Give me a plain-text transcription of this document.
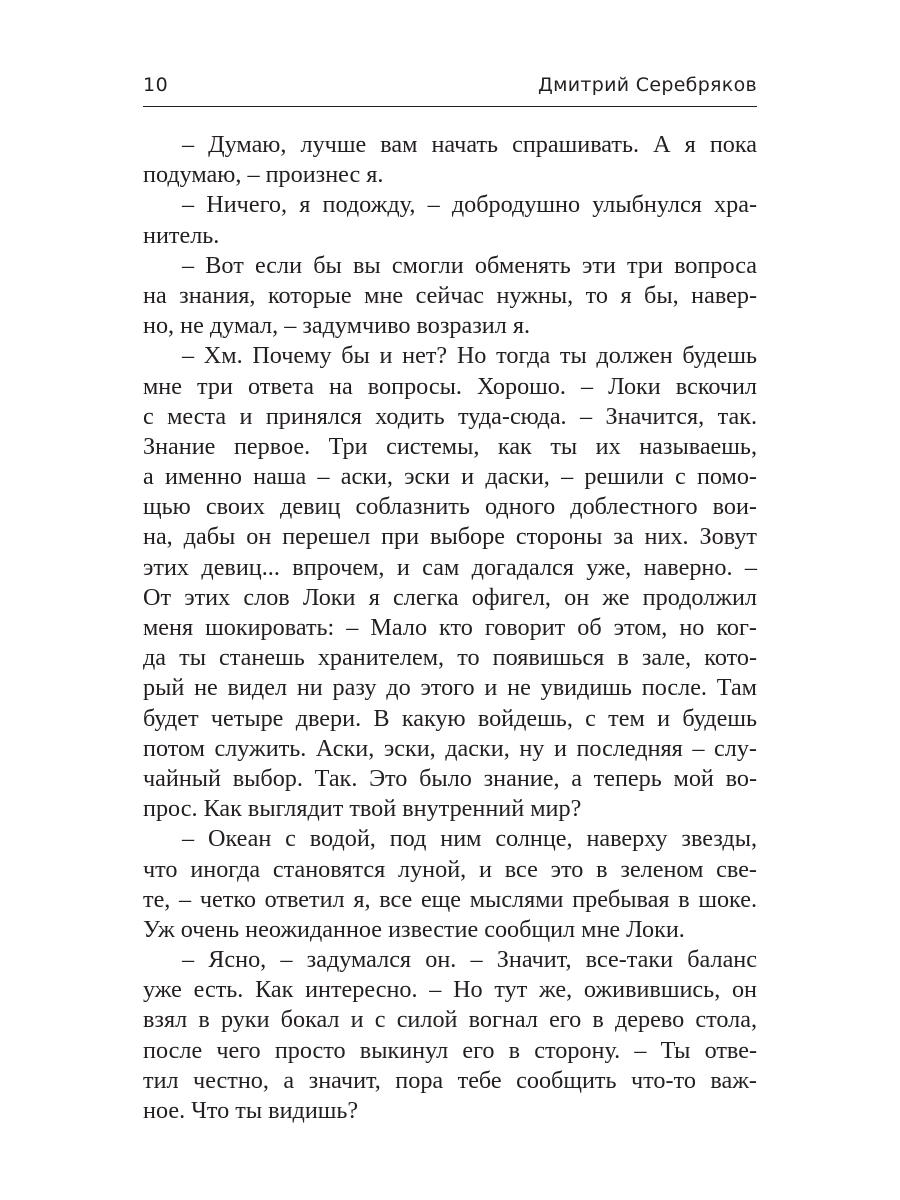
10	Дмитрий Серебряков
– Думаю, лучше вам начать спрашивать. А я пока
подумаю, – произнес я.
– Ничего, я подожду, – добродушно улыбнулся хра-
нитель.
– Вот если бы вы смогли обменять эти три вопроса
на знания, которые мне сейчас нужны, то я бы, навер-
но, не думал, – задумчиво возразил я.
– Хм. Почему бы и нет? Но тогда ты должен будешь
мне три ответа на вопросы. Хорошо. – Локи вскочил
с места и принялся ходить туда-сюда. – Значится, так.
Знание первое. Три системы, как ты их называешь,
а именно наша – аски, эски и даски, – решили с помо-
щью своих девиц соблазнить одного доблестного вои-
на, дабы он перешел при выборе стороны за них. Зовут
этих девиц... впрочем, и сам догадался уже, наверно. –
От этих слов Локи я слегка офигел, он же продолжил
меня шокировать: – Мало кто говорит об этом, но ког-
да ты станешь хранителем, то появишься в зале, кото-
рый не видел ни разу до этого и не увидишь после. Там
будет четыре двери. В какую войдешь, с тем и будешь
потом служить. Аски, эски, даски, ну и последняя – слу-
чайный выбор. Так. Это было знание, а теперь мой во-
прос. Как выглядит твой внутренний мир?
– Океан с водой, под ним солнце, наверху звезды,
что иногда становятся луной, и все это в зеленом све-
те, – четко ответил я, все еще мыслями пребывая в шоке.
Уж очень неожиданное известие сообщил мне Локи.
– Ясно, – задумался он. – Значит, все-таки баланс
уже есть. Как интересно. – Но тут же, оживившись, он
взял в руки бокал и с силой вогнал его в дерево стола,
после чего просто выкинул его в сторону. – Ты отве-
тил честно, а значит, пора тебе сообщить что-то важ-
ное. Что ты видишь?
